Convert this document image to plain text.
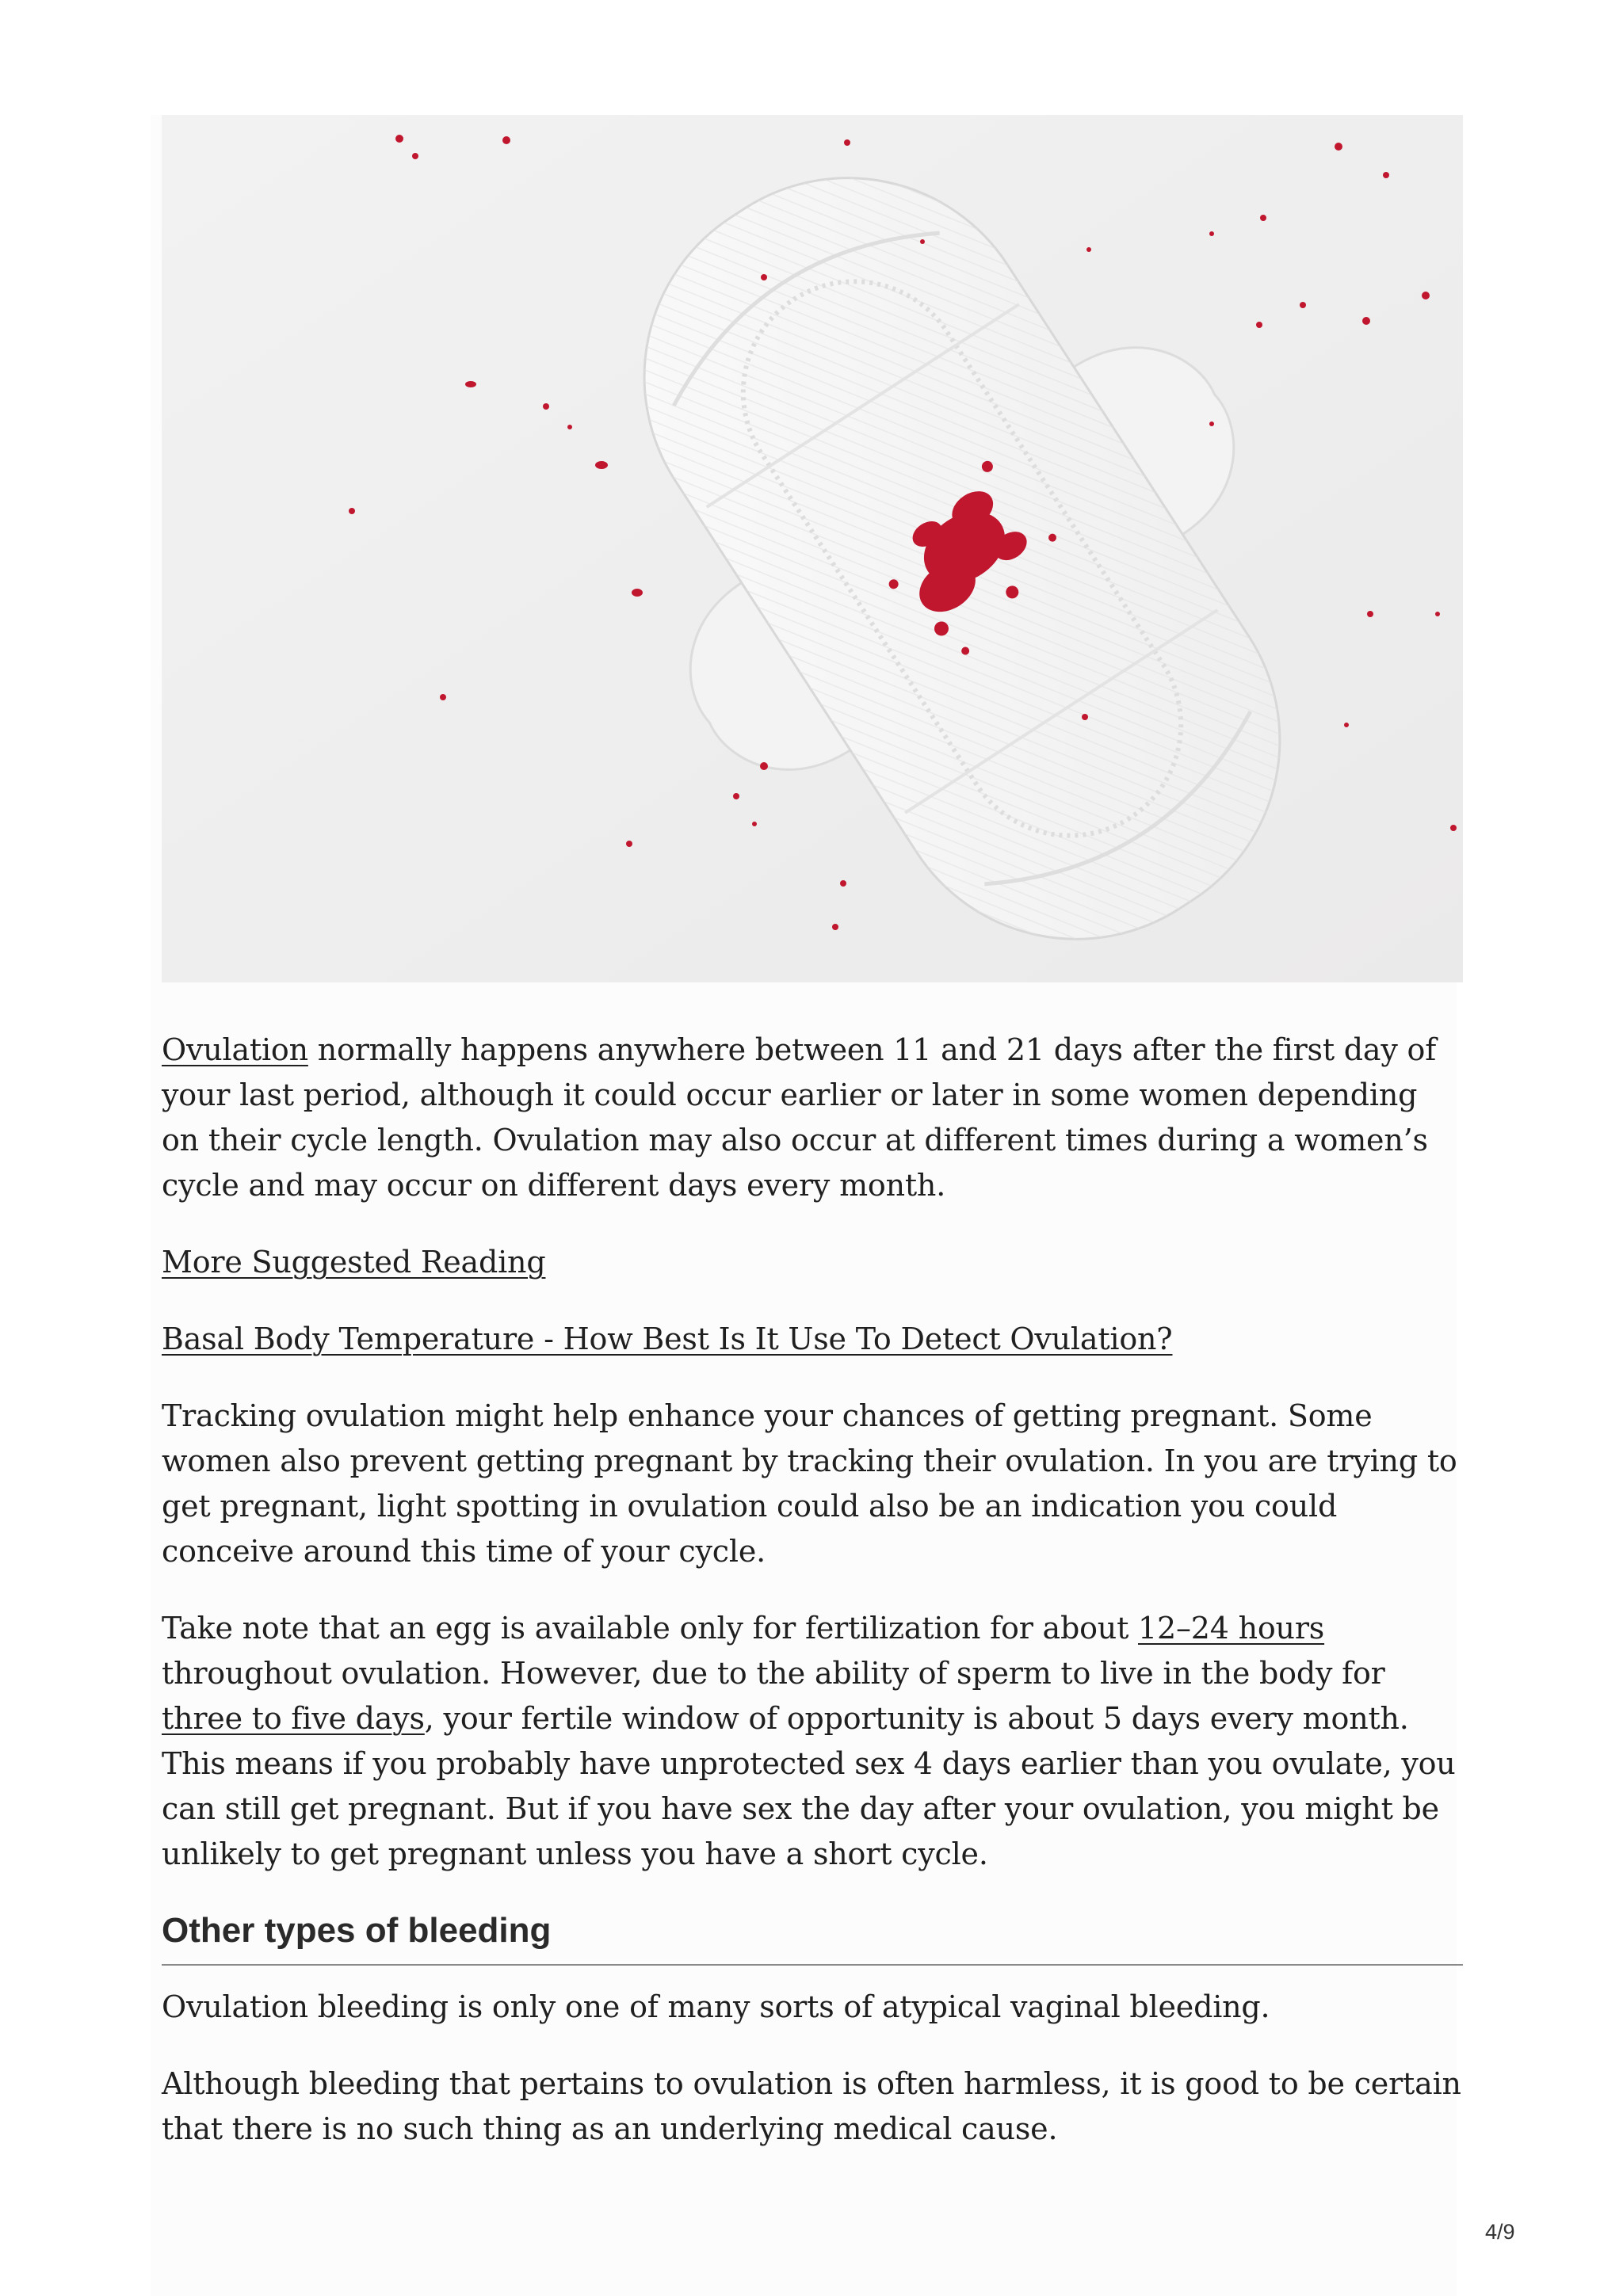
Ovulation normally happens anywhere between 11 and 21 days after the first day of your last period, although it could occur earlier or later in some women depending on their cycle length. Ovulation may also occur at different times during a women’s cycle and may occur on different days every month.

More Suggested Reading

Basal Body Temperature - How Best Is It Use To Detect Ovulation?

Tracking ovulation might help enhance your chances of getting pregnant. Some women also prevent getting pregnant by tracking their ovulation. In you are trying to get pregnant, light spotting in ovulation could also be an indication you could conceive around this time of your cycle.

Take note that an egg is available only for fertilization for about 12–24 hours throughout ovulation. However, due to the ability of sperm to live in the body for three to five days, your fertile window of opportunity is about 5 days every month. This means if you probably have unprotected sex 4 days earlier than you ovulate, you can still get pregnant. But if you have sex the day after your ovulation, you might be unlikely to get pregnant unless you have a short cycle.

Other types of bleeding

Ovulation bleeding is only one of many sorts of atypical vaginal bleeding.

Although bleeding that pertains to ovulation is often harmless, it is good to be certain that there is no such thing as an underlying medical cause.

4/9
